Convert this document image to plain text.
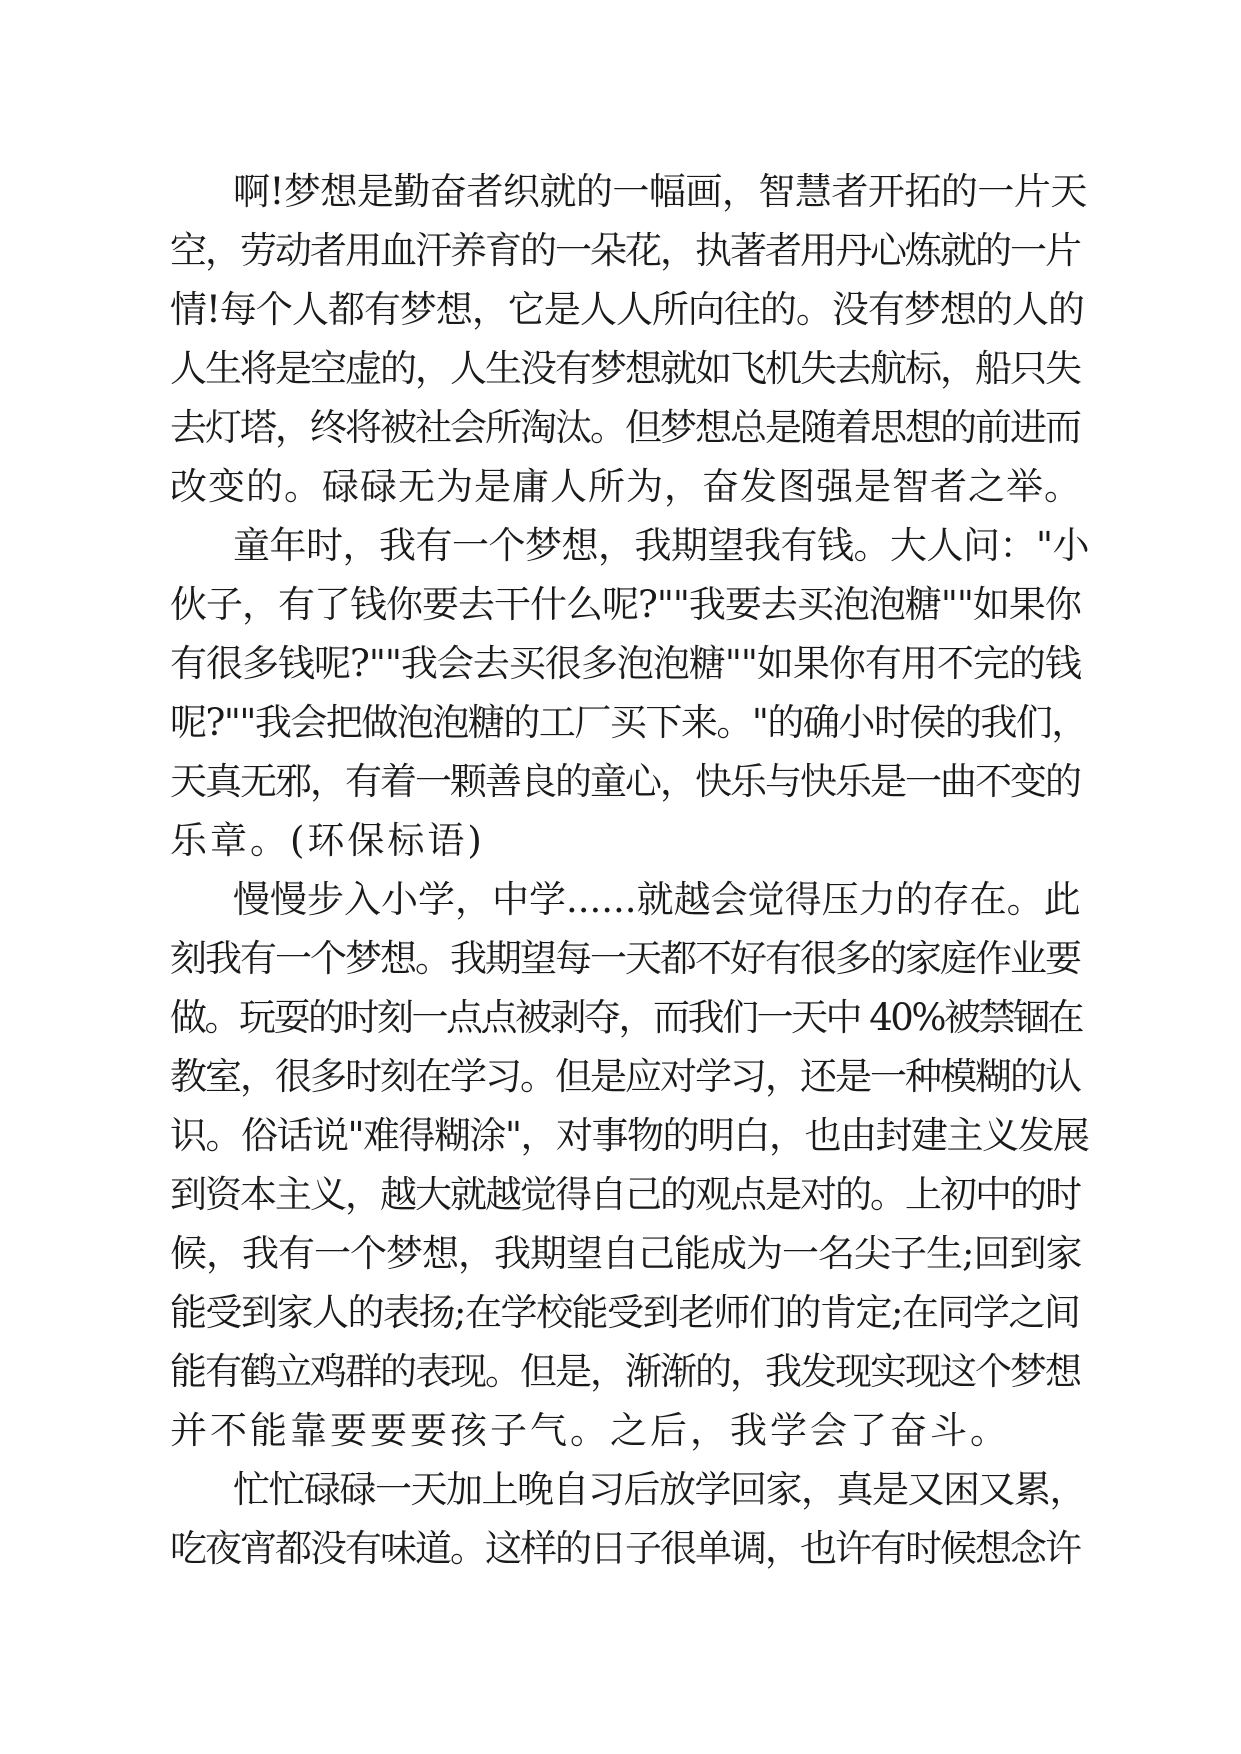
啊!梦想是勤奋者织就的一幅画，智慧者开拓的一片天
空，劳动者用血汗养育的一朵花，执著者用丹心炼就的一片
情!每个人都有梦想，它是人人所向往的。没有梦想的人的
人生将是空虚的，人生没有梦想就如飞机失去航标，船只失
去灯塔，终将被社会所淘汰。但梦想总是随着思想的前进而
改变的。碌碌无为是庸人所为，奋发图强是智者之举。
童年时，我有一个梦想，我期望我有钱。大人问："小
伙子，有了钱你要去干什么呢?""我要去买泡泡糖""如果你
有很多钱呢?""我会去买很多泡泡糖""如果你有用不完的钱
呢?""我会把做泡泡糖的工厂买下来。"的确小时侯的我们，
天真无邪，有着一颗善良的童心，快乐与快乐是一曲不变的
乐章。(环保标语)
慢慢步入小学，中学......就越会觉得压力的存在。此
刻我有一个梦想。我期望每一天都不好有很多的家庭作业要
做。玩耍的时刻一点点被剥夺，而我们一天中 40%被禁锢在
教室，很多时刻在学习。但是应对学习，还是一种模糊的认
识。俗话说"难得糊涂"，对事物的明白，也由封建主义发展
到资本主义，越大就越觉得自己的观点是对的。上初中的时
候，我有一个梦想，我期望自己能成为一名尖子生;回到家
能受到家人的表扬;在学校能受到老师们的肯定;在同学之间
能有鹤立鸡群的表现。但是，渐渐的，我发现实现这个梦想
并不能靠要要要孩子气。之后，我学会了奋斗。
忙忙碌碌一天加上晚自习后放学回家，真是又困又累，
吃夜宵都没有味道。这样的日子很单调，也许有时候想念许
